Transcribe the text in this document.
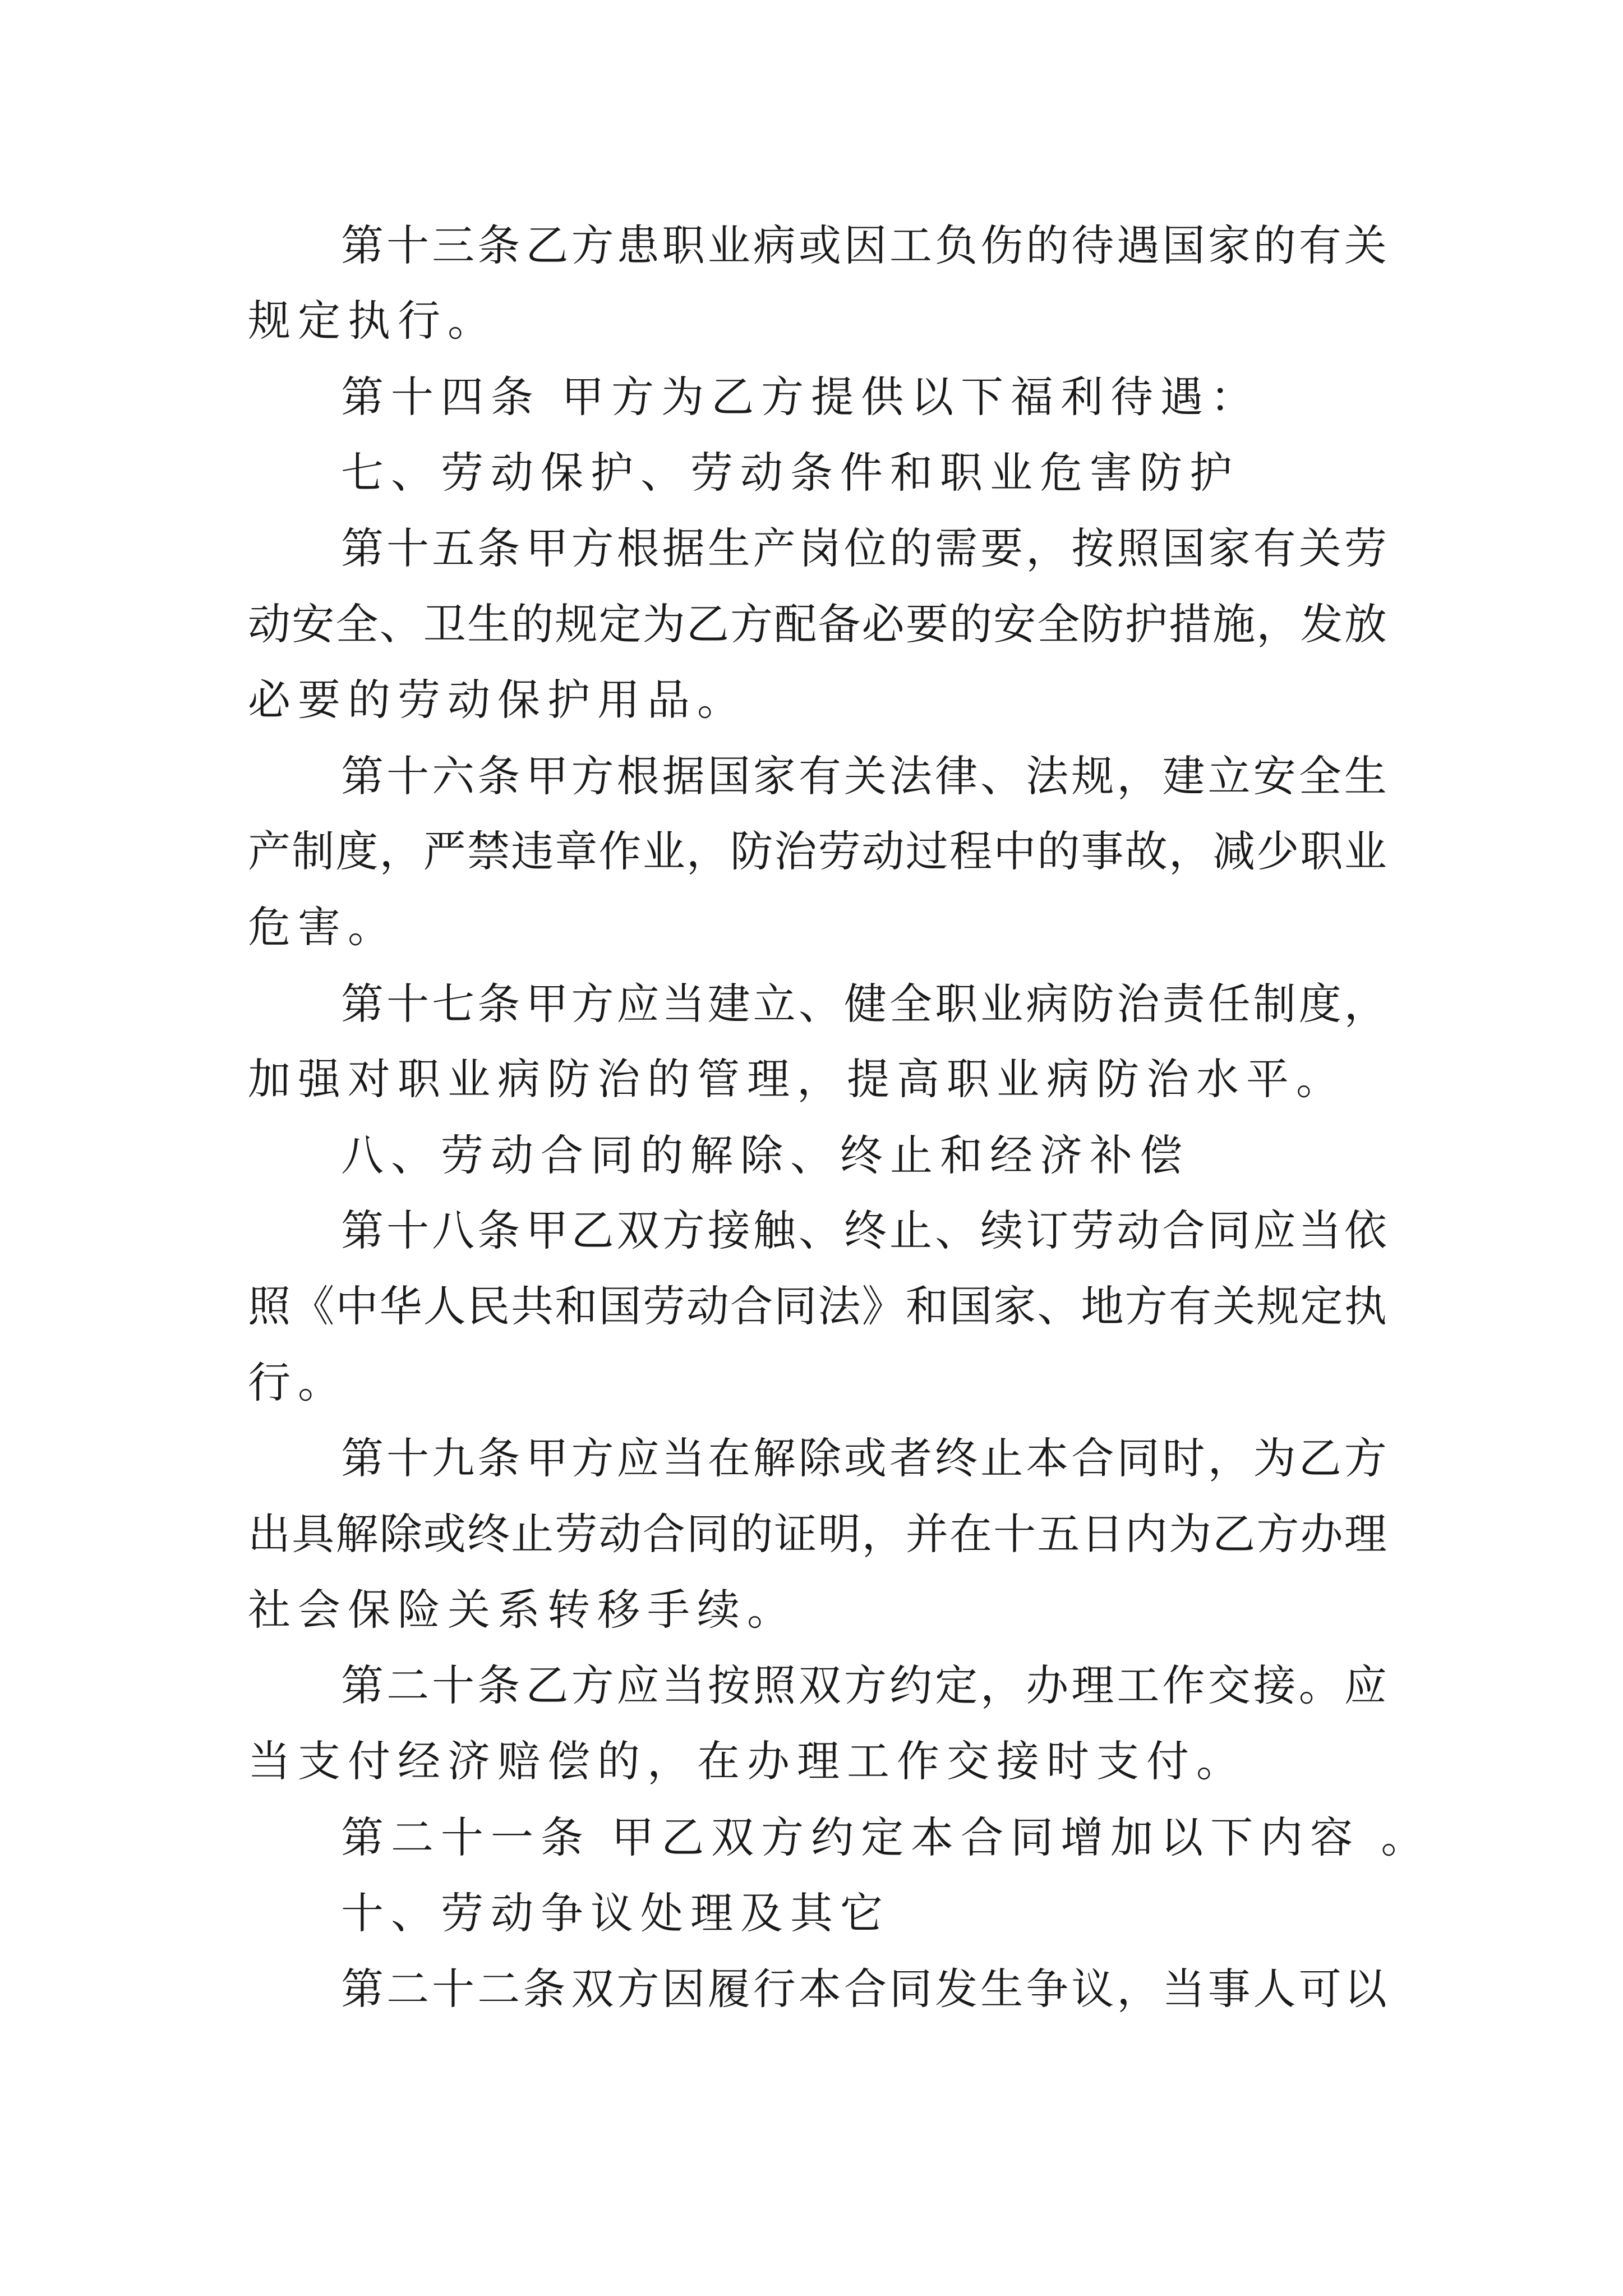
第 十 三 条 乙 方 患 职 业 病 或 因 工 负 伤 的 待 遇 国 家 的 有 关
规定执行。
第十四条 甲方为乙方提供以下福利待遇：
七、劳动保护、劳动条件和职业危害防护
第 十 五 条 甲 方 根 据 生 产 岗 位 的 需 要 ， 按 照 国 家 有 关 劳
动 安 全 、 卫 生 的 规 定 为 乙 方 配 备 必 要 的 安 全 防 护 措 施 ， 发 放
必要的劳动保护用品。
第 十 六 条 甲 方 根 据 国 家 有 关 法 律 、 法 规 ， 建 立 安 全 生
产 制 度 ， 严 禁 违 章 作 业 ， 防 治 劳 动 过 程 中 的 事 故 ， 减 少 职 业
危害。
第 十 七 条 甲 方 应 当 建 立 、 健 全 职 业 病 防 治 责 任 制 度 ，
加强对职业病防治的管理，提高职业病防治水平。
八、劳动合同的解除、终止和经济补偿
第 十 八 条 甲 乙 双 方 接 触 、 终 止 、 续 订 劳 动 合 同 应 当 依
照 《 中 华 人 民 共 和 国 劳 动 合 同 法 》 和 国 家 、 地 方 有 关 规 定 执
行。
第 十 九 条 甲 方 应 当 在 解 除 或 者 终 止 本 合 同 时 ， 为 乙 方
出 具 解 除 或 终 止 劳 动 合 同 的 证 明 ， 并 在 十 五 日 内 为 乙 方 办 理
社会保险关系转移手续。
第 二 十 条 乙 方 应 当 按 照 双 方 约 定 ， 办 理 工 作 交 接 。 应
当支付经济赔偿的，在办理工作交接时支付。
第二十一条 甲乙双方约定本合同增加以下内容 。
十、劳动争议处理及其它
第 二 十 二 条 双 方 因 履 行 本 合 同 发 生 争 议 ， 当 事 人 可 以
